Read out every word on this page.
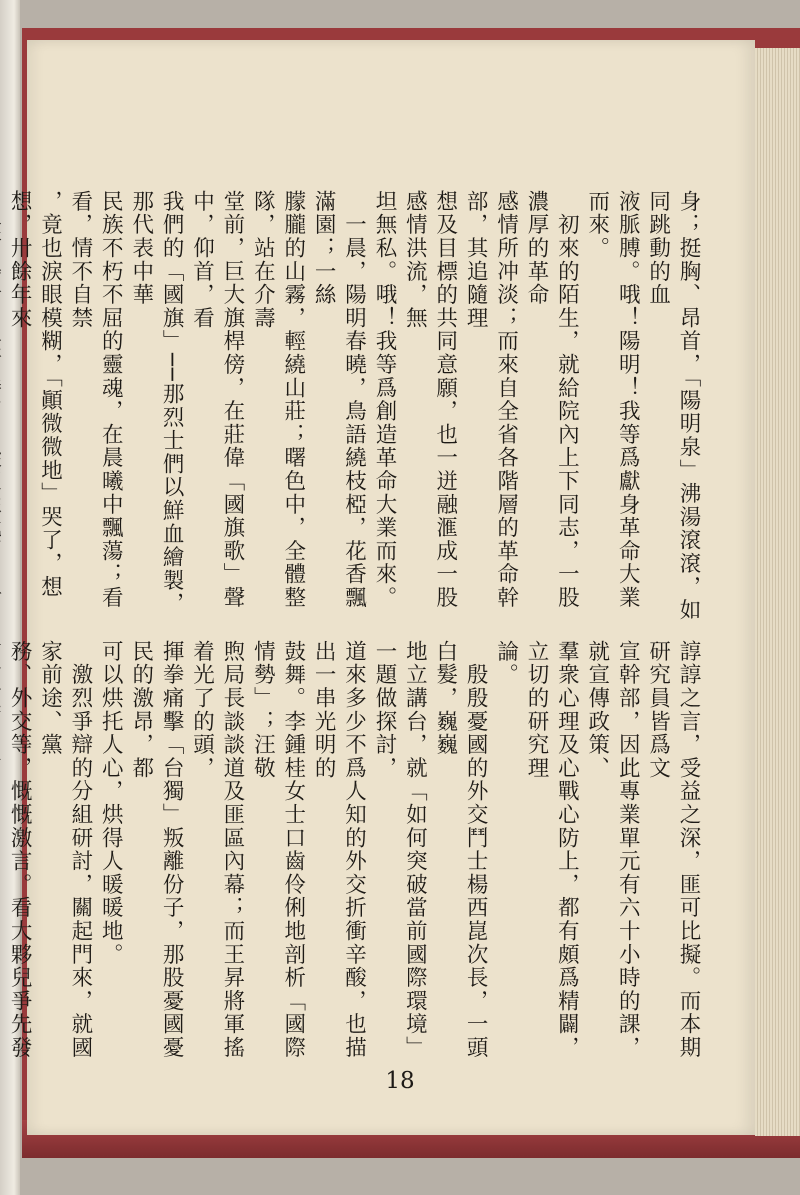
身；挺胸、昂首，「陽明泉」沸湯滾滾，如同跳動的血
液脈膊。哦！陽明！我等爲獻身革命大業而來。
　初來的陌生，就給院內上下同志，一股濃厚的革命
感情所冲淡；而來自全省各階層的革命幹部，其追隨理
想及目標的共同意願，也一迸融滙成一股感情洪流，無
坦無私。哦！我等爲創造革命大業而來。
　一晨，陽明春曉，鳥語繞枝椏，花香飄滿園；一絲
朦朧的山霧，輕繞山莊；曙色中，全體整隊，站在介壽
堂前，巨大旗桿傍，在莊偉「國旗歌」聲中，仰首，看
我們的「國旗」──那烈士們以鮮血繪製，那代表中華
民族不朽不屈的靈魂，在晨曦中飄蕩；看看，情不自禁
，竟也淚眼模糊，「顚微微地」哭了，想想，卅餘年來
諄諄之言，受益之深，匪可比擬。而本期研究員皆爲文
宣幹部，因此專業單元有六十小時的課，就宣傳政策、
羣衆心理及心戰心防上，都有頗爲精闢，立切的研究理
論。
　殷殷憂國的外交鬥士楊西崑次長，一頭白髮，巍巍
地立講台，就「如何突破當前國際環境」一題做探討，
道來多少不爲人知的外交折衝辛酸，也描出一串光明的
鼓舞。李鍾桂女士口齒伶俐地剖析「國際情勢」；汪敬
煦局長談談道及匪區內幕；而王昇將軍搖着光了的頭，
揮拳痛擊「台獨」叛離份子，那股憂國憂民的激昂，都
可以烘托人心，烘得人暖暖地。
　激烈爭辯的分組研討，關起門來，就國家前途、黨
務、外交等，慨慨激言。看大夥兒爭先發
18
